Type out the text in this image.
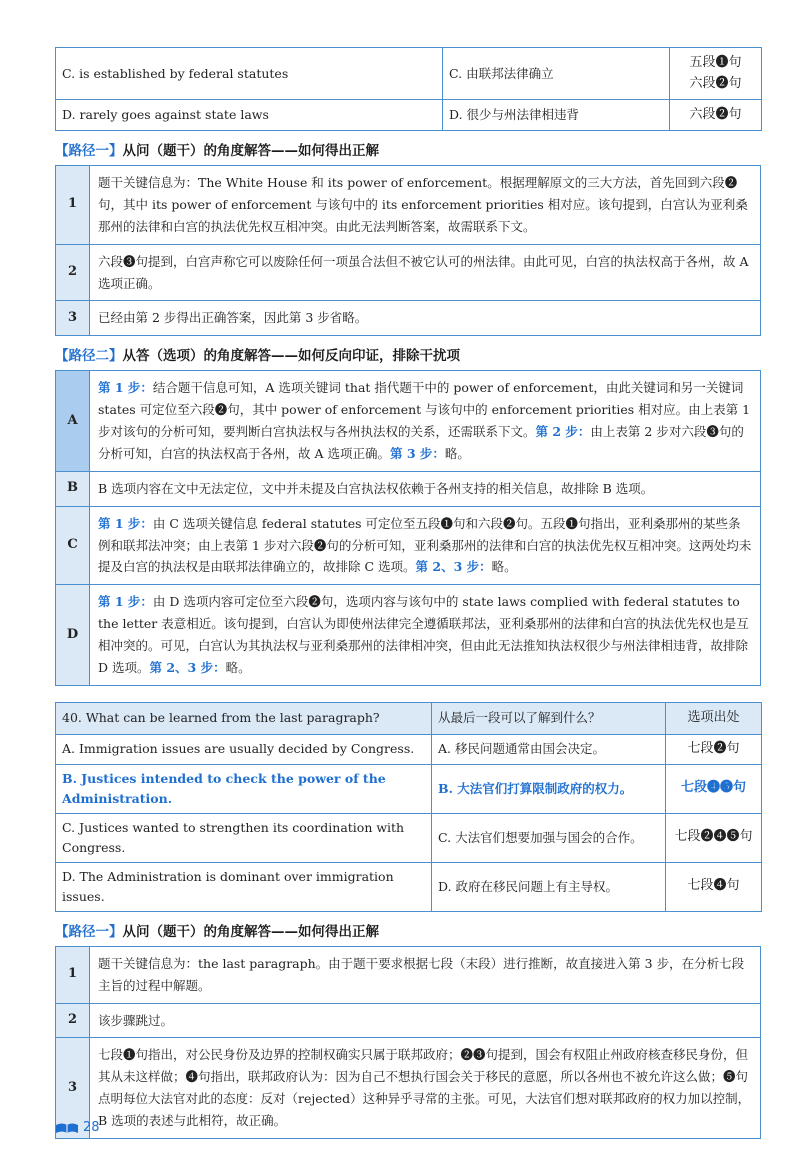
C. is established by federal statutes	C. 由联邦法律确立	五段❶句
六段❷句

D. rarely goes against state laws	D. 很少与州法律相违背	六段❷句
【路径一】从问（题干）的角度解答——如何得出正解
1	题干关键信息为：The White House 和 its power of enforcement。根据理解原文的三大方法，首先回到六段❷句，其中 its power of enforcement 与该句中的 its enforcement priorities 相对应。该句提到，白宫认为亚利桑那州的法律和白宫的执法优先权互相冲突。由此无法判断答案，故需联系下文。
2	六段❸句提到，白宫声称它可以废除任何一项虽合法但不被它认可的州法律。由此可见，白宫的执法权高于各州，故 A 选项正确。
3	已经由第 2 步得出正确答案，因此第 3 步省略。
【路径二】从答（选项）的角度解答——如何反向印证，排除干扰项
A	第 1 步：结合题干信息可知，A 选项关键词 that 指代题干中的 power of enforcement，由此关键词和另一关键词 states 可定位至六段❷句，其中 power of enforcement 与该句中的 enforcement priorities 相对应。由上表第 1 步对该句的分析可知，要判断白宫执法权与各州执法权的关系，还需联系下文。第 2 步：由上表第 2 步对六段❸句的分析可知，白宫的执法权高于各州，故 A 选项正确。第 3 步：略。
B	B 选项内容在文中无法定位，文中并未提及白宫执法权依赖于各州支持的相关信息，故排除 B 选项。
C	第 1 步：由 C 选项关键信息 federal statutes 可定位至五段❶句和六段❷句。五段❶句指出，亚利桑那州的某些条例和联邦法冲突；由上表第 1 步对六段❷句的分析可知，亚利桑那州的法律和白宫的执法优先权互相冲突。这两处均未提及白宫的执法权是由联邦法律确立的，故排除 C 选项。第 2、3 步：略。
D	第 1 步：由 D 选项内容可定位至六段❷句，选项内容与该句中的 state laws complied with federal statutes to the letter 表意相近。该句提到，白宫认为即使州法律完全遵循联邦法，亚利桑那州的法律和白宫的执法优先权也是互相冲突的。可见，白宫认为其执法权与亚利桑那州的法律相冲突，但由此无法推知执法权很少与州法律相违背，故排除 D 选项。第 2、3 步：略。
40. What can be learned from the last paragraph?	从最后一段可以了解到什么？	选项出处
A. Immigration issues are usually decided by Congress.	A. 移民问题通常由国会决定。	七段❷句
B. Justices intended to check the power of the Administration.	B. 大法官们打算限制政府的权力。	七段❹❺句
C. Justices wanted to strengthen its coordination with Congress.	C. 大法官们想要加强与国会的合作。	七段❷❹❺句
D. The Administration is dominant over immigration issues.	D. 政府在移民问题上有主导权。	七段❹句
【路径一】从问（题干）的角度解答——如何得出正解
1	题干关键信息为：the last paragraph。由于题干要求根据七段（末段）进行推断，故直接进入第 3 步，在分析七段主旨的过程中解题。
2	该步骤跳过。
3	七段❶句指出，对公民身份及边界的控制权确实只属于联邦政府；❷❸句提到，国会有权阻止州政府核查移民身份，但其从未这样做；❹句指出，联邦政府认为：因为自己不想执行国会关于移民的意愿，所以各州也不被允许这么做；❺句点明每位大法官对此的态度：反对（rejected）这种异乎寻常的主张。可见，大法官们想对联邦政府的权力加以控制，B 选项的表述与此相符，故正确。
28
